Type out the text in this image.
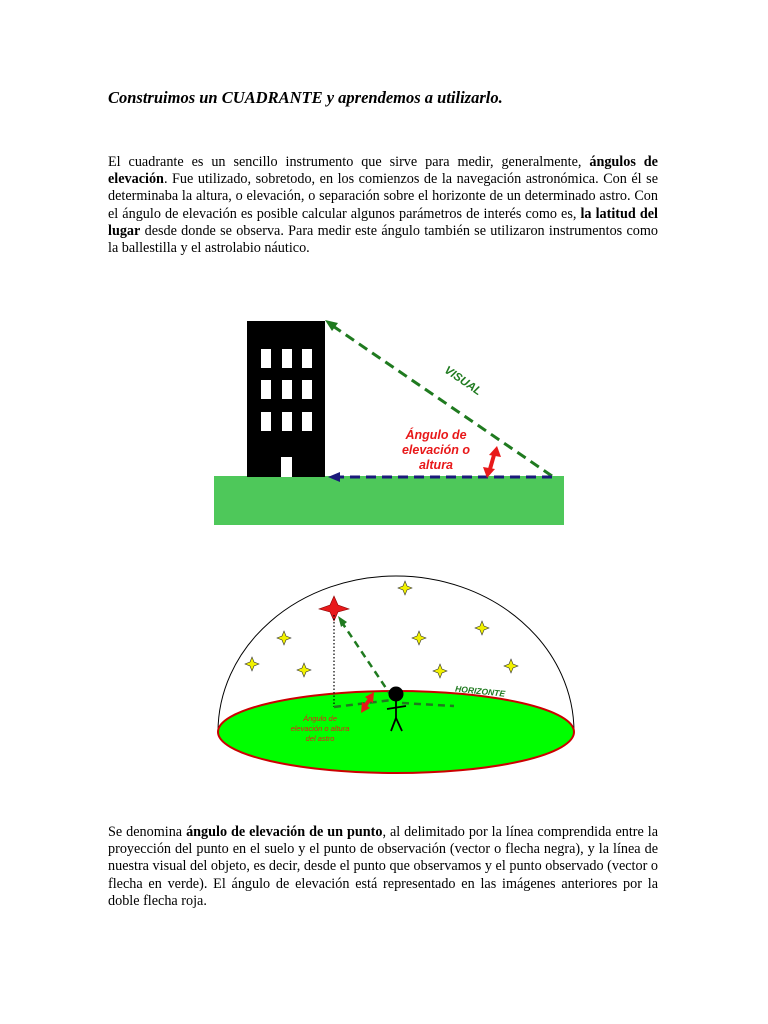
Construimos un CUADRANTE y aprendemos a utilizarlo.

El cuadrante es un sencillo instrumento que sirve para medir, generalmente, ángulos de elevación. Fue utilizado, sobretodo, en los comienzos de la navegación astronómica. Con él se determinaba la altura, o elevación, o separación sobre el horizonte de un determinado astro. Con el ángulo de elevación es posible calcular algunos parámetros de interés como es, la latitud del lugar desde donde se observa. Para medir este ángulo también se utilizaron instrumentos como la ballestilla y el astrolabio náutico.

VISUAL
Ángulo de
elevación o
altura
HORIZONTE
Ángulo de
elevación o altura
del astro

Se denomina ángulo de elevación de un punto, al delimitado por la línea comprendida entre la proyección del punto en el suelo y el punto de observación (vector o flecha negra), y la línea de nuestra visual del objeto, es decir, desde el punto que observamos y el punto observado (vector o flecha en verde). El ángulo de elevación está representado en las imágenes anteriores por la doble flecha roja.
